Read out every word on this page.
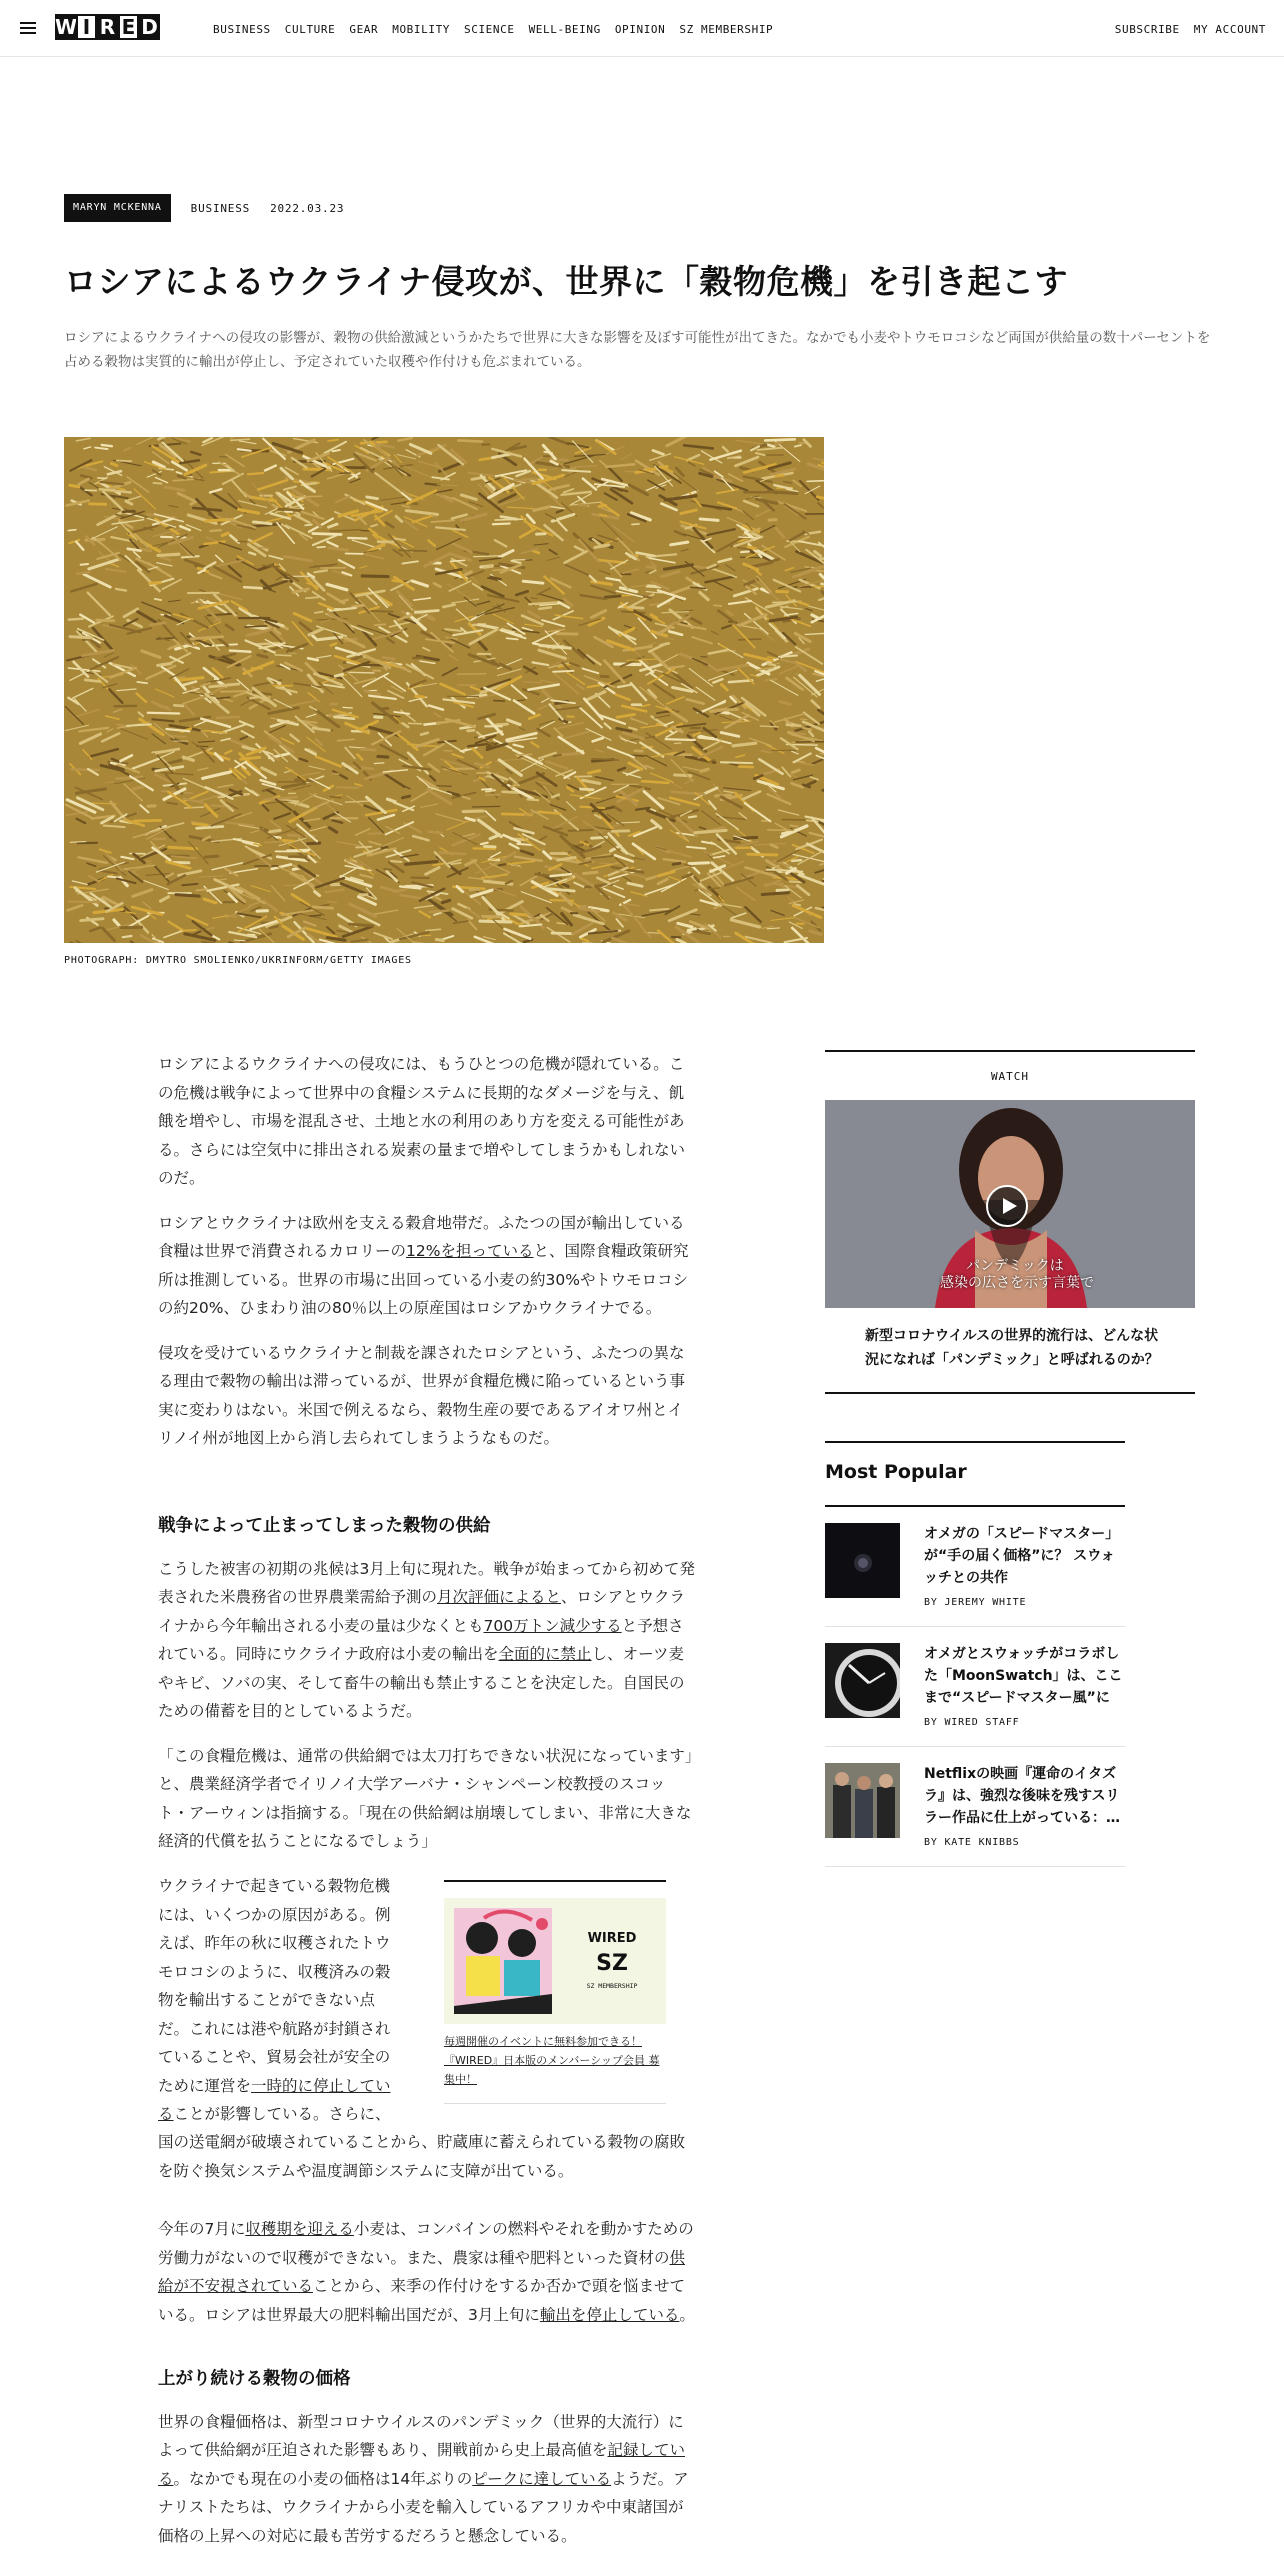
W I R E D	BUSINESS CULTURE GEAR MOBILITY SCIENCE WELL-BEING OPINION SZ MEMBERSHIP	SUBSCRIBE MY ACCOUNT
MARYN MCKENNA	BUSINESS 2022.03.23
ロシアによるウクライナ侵攻が、世界に「穀物危機」を引き起こす

ロシアによるウクライナへの侵攻の影響が、穀物の供給激減というかたちで世界に大きな影響を及ぼす可能性が出てきた。なかでも小麦やトウモロコシなど両国が供給量の数十パーセントを占める穀物は実質的に輸出が停止し、予定されていた収穫や作付けも危ぶまれている。

PHOTOGRAPH: DMYTRO SMOLIENKO/UKRINFORM/GETTY IMAGES

ロシアによるウクライナへの侵攻には、もうひとつの危機が隠れている。この危機は戦争によって世界中の食糧システムに長期的なダメージを与え、飢餓を増やし、市場を混乱させ、土地と水の利用のあり方を変える可能性がある。さらには空気中に排出される炭素の量まで増やしてしまうかもしれないのだ。

ロシアとウクライナは欧州を支える穀倉地帯だ。ふたつの国が輸出している食糧は世界で消費されるカロリーの12%を担っていると、国際食糧政策研究所は推測している。世界の市場に出回っている小麦の約30%やトウモロコシの約20%、ひまわり油の80％以上の原産国はロシアかウクライナでる。

侵攻を受けているウクライナと制裁を課されたロシアという、ふたつの異なる理由で穀物の輸出は滞っているが、世界が食糧危機に陥っているという事実に変わりはない。米国で例えるなら、穀物生産の要であるアイオワ州とイリノイ州が地図上から消し去られてしまうようなものだ。

戦争によって止まってしまった穀物の供給

こうした被害の初期の兆候は3月上旬に現れた。戦争が始まってから初めて発表された米農務省の世界農業需給予測の月次評価によると、ロシアとウクライナから今年輸出される小麦の量は少なくとも700万トン減少すると予想されている。同時にウクライナ政府は小麦の輸出を全面的に禁止し、オーツ麦やキビ、ソバの実、そして畜牛の輸出も禁止することを決定した。自国民のための備蓄を目的としているようだ。

「この食糧危機は、通常の供給網では太刀打ちできない状況になっています」と、農業経済学者でイリノイ大学アーバナ・シャンペーン校教授のスコット・アーウィンは指摘する。「現在の供給網は崩壊してしまい、非常に大きな経済的代償を払うことになるでしょう」

ウクライナで起きている穀物危機には、いくつかの原因がある。例えば、昨年の秋に収穫されたトウモロコシのように、収穫済みの穀物を輸出することができない点だ。これには港や航路が封鎖されていることや、貿易会社が安全のために運営を一時的に停止していることが影響している。さらに、

国の送電網が破壊されていることから、貯蔵庫に蓄えられている穀物の腐敗を防ぐ換気システムや温度調節システムに支障が出ている。

今年の7月に収穫期を迎える小麦は、コンバインの燃料やそれを動かすための労働力がないので収穫ができない。また、農家は種や肥料といった資材の供給が不安視されていることから、来季の作付けをするか否かで頭を悩ませている。ロシアは世界最大の肥料輸出国だが、3月上旬に輸出を停止している。

上がり続ける穀物の価格

世界の食糧価格は、新型コロナウイルスのパンデミック（世界的大流行）によって供給網が圧迫された影響もあり、開戦前から史上最高値を記録している。なかでも現在の小麦の価格は14年ぶりのピークに達しているようだ。アナリストたちは、ウクライナから小麦を輸入しているアフリカや中東諸国が価格の上昇への対応に最も苦労するだろうと懸念している。

WIRED
SZ
SZ MEMBERSHIP
毎週開催のイベントに無料参加できる！『WIRED』日本版のメンバーシップ会員 募集中！
WATCH
パンデミックは
感染の広さを示す言葉で
新型コロナウイルスの世界的流行は、どんな状況になれば「パンデミック」と呼ばれるのか？
Most Popular
オメガの「スピードマスター」が“手の届く価格”に？ スウォッチとの共作
BY JEREMY WHITE
オメガとスウォッチがコラボした「MoonSwatch」は、ここまで“スピードマスター風”に
BY WIRED STAFF
Netflixの映画『運命のイタズラ』は、強烈な後味を残すスリラー作品に仕上がっている：…
BY KATE KNIBBS
